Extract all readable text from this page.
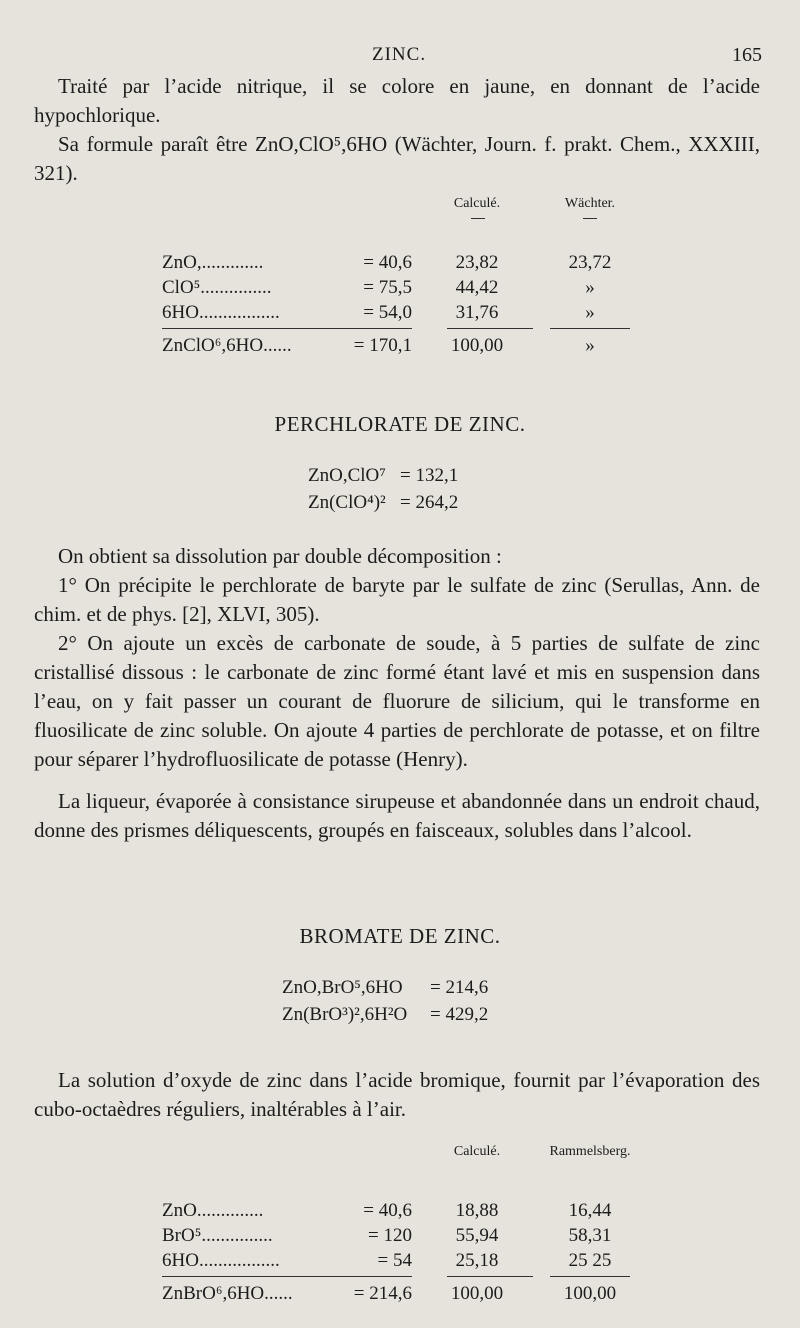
ZINC.	165
Traité par l’acide nitrique, il se colore en jaune, en donnant de l’acide hypochlorique.
Sa formule paraît être ZnO,ClO⁵,6HO (Wächter, Journ. f. prakt. Chem., XXXIII, 321).
Calculé.	Wächter.
ZnO,.............	= 40,6	23,82	23,72
ClO⁵...............	= 75,5	44,42	»
6HO.................	= 54,0	31,76	»
ZnClO⁶,6HO......	= 170,1	100,00	»
PERCHLORATE DE ZINC.
ZnO,ClO⁷ = 132,1
Zn(ClO⁴)² = 264,2
On obtient sa dissolution par double décomposition :
1° On précipite le perchlorate de baryte par le sulfate de zinc (Serullas, Ann. de chim. et de phys. [2], XLVI, 305).
2° On ajoute un excès de carbonate de soude, à 5 parties de sulfate de zinc cristallisé dissous : le carbonate de zinc formé étant lavé et mis en suspension dans l’eau, on y fait passer un courant de fluorure de silicium, qui le transforme en fluosilicate de zinc soluble. On ajoute 4 parties de perchlorate de potasse, et on filtre pour séparer l’hydrofluosilicate de potasse (Henry).
La liqueur, évaporée à consistance sirupeuse et abandonnée dans un endroit chaud, donne des prismes déliquescents, groupés en faisceaux, solubles dans l’alcool.
BROMATE DE ZINC.
ZnO,BrO⁵,6HO = 214,6
Zn(BrO³)²,6H²O = 429,2
La solution d’oxyde de zinc dans l’acide bromique, fournit par l’évaporation des cubo-octaèdres réguliers, inaltérables à l’air.
Calculé.	Rammelsberg.
ZnO..............	= 40,6	18,88	16,44
BrO⁵...............	= 120	55,94	58,31
6HO.................	= 54	25,18	25 25
ZnBrO⁶,6HO......	= 214,6	100,00	100,00
